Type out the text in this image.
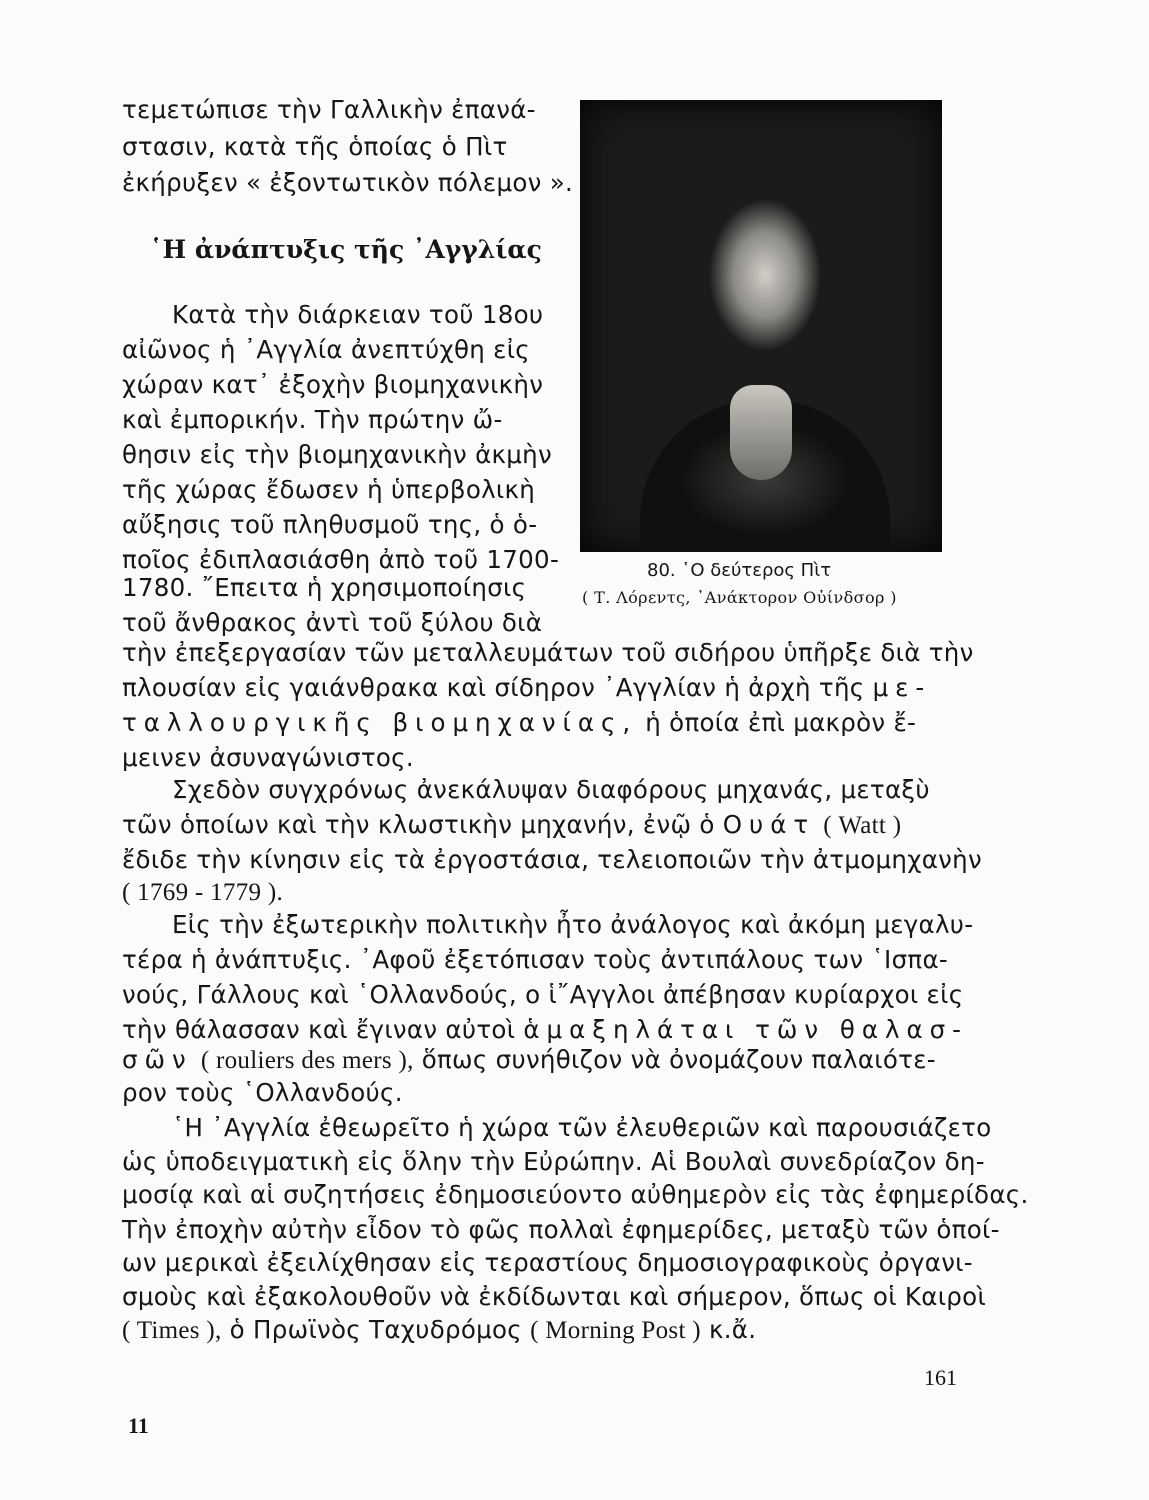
τεμετώπισε τὴν Γαλλικὴν ἐπανά-
στασιν, κατὰ τῆς ὁποίας ὁ Πὶτ
ἐκήρυξεν « ἐξοντωτικὸν πόλεμον ».
῾Η ἀνάπτυξις τῆς ᾿Αγγλίας
Κατὰ τὴν διάρκειαν τοῦ 18ου
αἰῶνος ἡ ᾿Αγγλία ἀνεπτύχθη εἰς
χώραν κατ᾿ ἐξοχὴν βιομηχανικὴν
καὶ ἐμπορικήν. Τὴν πρώτην ὤ-
θησιν εἰς τὴν βιομηχανικὴν ἀκμὴν
τῆς χώρας ἔδωσεν ἡ ὑπερβολικὴ
αὔξησις τοῦ πληθυσμοῦ της, ὁ ὁ-
ποῖος ἐδιπλασιάσθη ἀπὸ τοῦ 1700-
1780. ῎Επειτα ἡ χρησιμοποίησις
τοῦ ἄνθρακος ἀντὶ τοῦ ξύλου διὰ
80. ῾Ο δεύτερος Πὶτ
( Τ. Λόρεντς, ᾿Ανάκτορον Οὐίνδσορ )
τὴν ἐπεξεργασίαν τῶν μεταλλευμάτων τοῦ σιδήρου ὑπῆρξε διὰ τὴν
πλουσίαν εἰς γαιάνθρακα καὶ σίδηρον ᾿Αγγλίαν ἡ ἀρχὴ τῆς με-
ταλλουργικῆς βιομηχανίας, ἡ ὁποία ἐπὶ μακρὸν ἔ-
μεινεν ἀσυναγώνιστος.
Σχεδὸν συγχρόνως ἀνεκάλυψαν διαφόρους μηχανάς, μεταξὺ
τῶν ὁποίων καὶ τὴν κλωστικὴν μηχανήν, ἐνῷ ὁ Ουάτ ( Watt )
ἔδιδε τὴν κίνησιν εἰς τὰ ἐργοστάσια, τελειοποιῶν τὴν ἀτμομηχανὴν
( 1769 - 1779 ).
Εἰς τὴν ἐξωτερικὴν πολιτικὴν ἦτο ἀνάλογος καὶ ἀκόμη μεγαλυ-
τέρα ἡ ἀνάπτυξις. ᾿Αφοῦ ἐξετόπισαν τοὺς ἀντιπάλους των ῾Ισπα-
νούς, Γάλλους καὶ ῾Ολλανδούς, ο ἱ῎Αγγλοι ἀπέβησαν κυρίαρχοι εἰς
τὴν θάλασσαν καὶ ἔγιναν αὐτοὶ ἁμαξηλάται τῶν θαλασ-
σῶν ( rouliers des mers ), ὅπως συνήθιζον νὰ ὀνομάζουν παλαιότε-
ρον τοὺς ῾Ολλανδούς.
῾Η ᾿Αγγλία ἐθεωρεῖτο ἡ χώρα τῶν ἐλευθεριῶν καὶ παρουσιάζετο
ὡς ὑποδειγματικὴ εἰς ὅλην τὴν Εὐρώπην. Αἱ Βουλαὶ συνεδρίαζον δη-
μοσίᾳ καὶ αἱ συζητήσεις ἐδημοσιεύοντο αὐθημερὸν εἰς τὰς ἐφημερίδας.
Τὴν ἐποχὴν αὐτὴν εἶδον τὸ φῶς πολλαὶ ἐφημερίδες, μεταξὺ τῶν ὁποί-
ων μερικαὶ ἐξειλίχθησαν εἰς τεραστίους δημοσιογραφικοὺς ὀργανι-
σμοὺς καὶ ἐξακολουθοῦν νὰ ἐκδίδωνται καὶ σήμερον, ὅπως οἱ Καιροὶ
( Times ), ὁ Πρωϊνὸς Ταχυδρόμος ( Morning Post ) κ.ἄ.
161
11
